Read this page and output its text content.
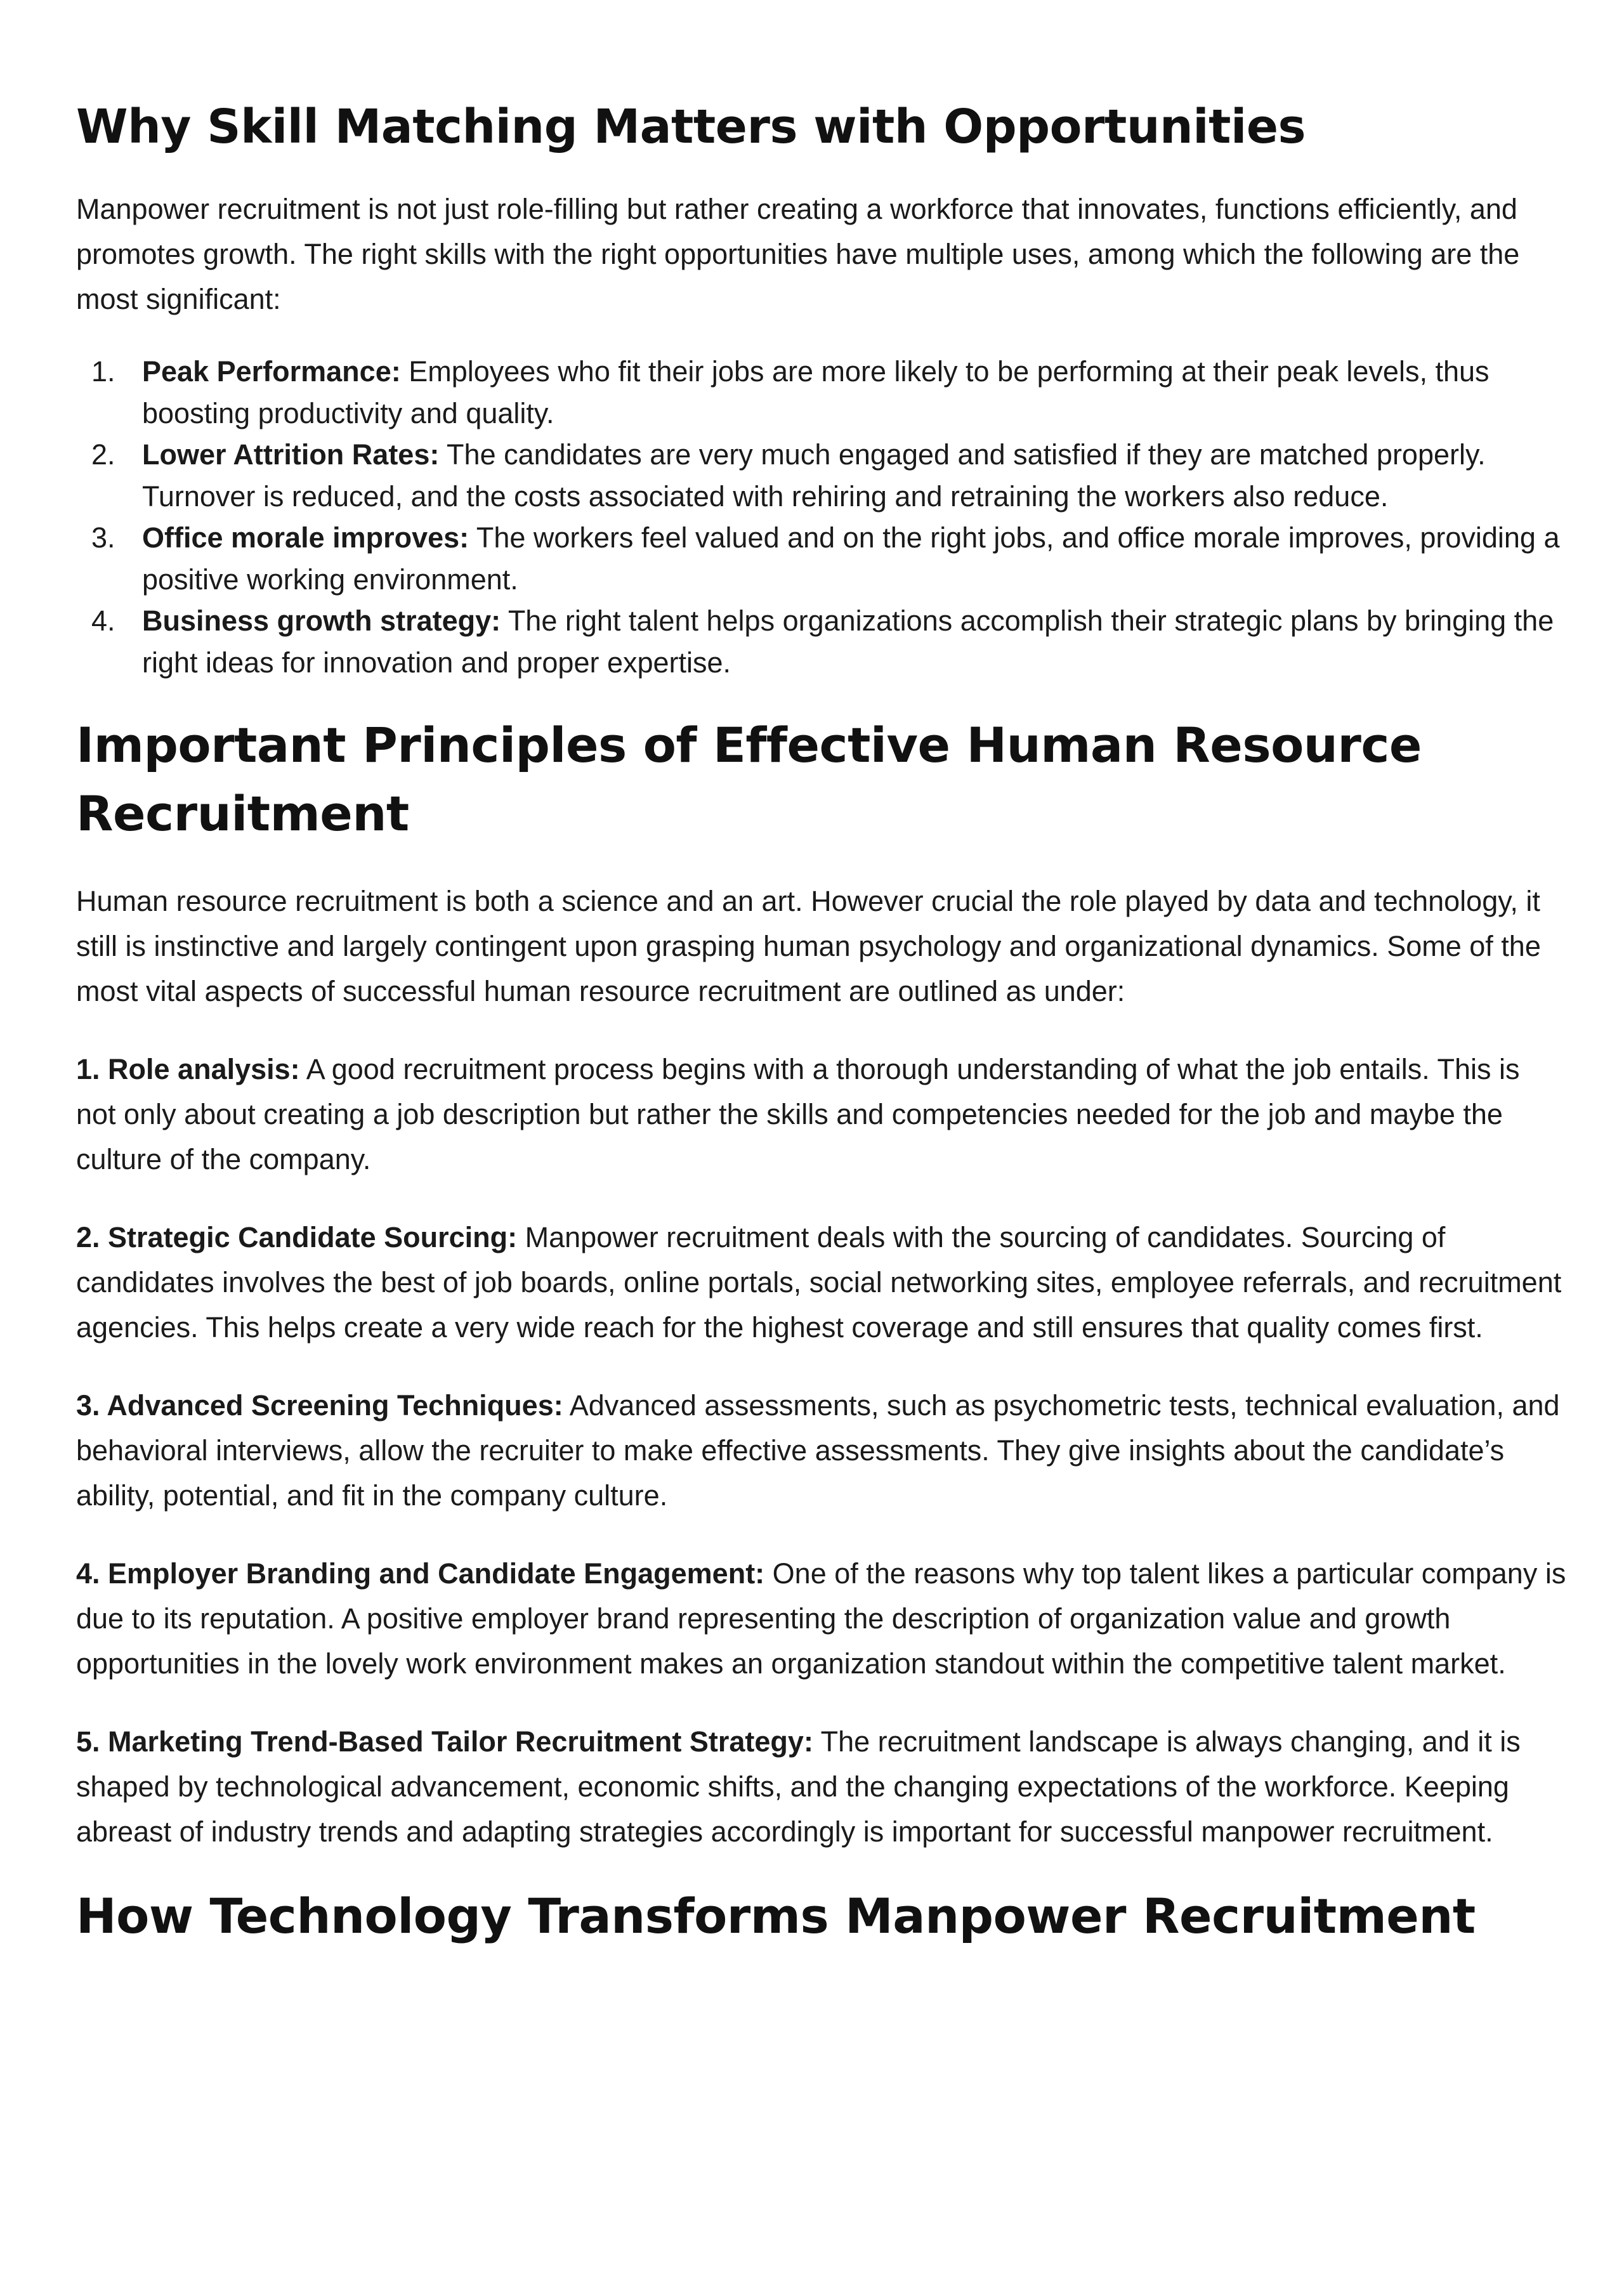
Why Skill Matching Matters with Opportunities

Manpower recruitment is not just role-filling but rather creating a workforce that innovates, functions efficiently, and promotes growth. The right skills with the right opportunities have multiple uses, among which the following are the most significant:

1. Peak Performance: Employees who fit their jobs are more likely to be performing at their peak levels, thus boosting productivity and quality.
2. Lower Attrition Rates: The candidates are very much engaged and satisfied if they are matched properly.
Turnover is reduced, and the costs associated with rehiring and retraining the workers also reduce.
3. Office morale improves: The workers feel valued and on the right jobs, and office morale improves, providing a positive working environment.
4. Business growth strategy: The right talent helps organizations accomplish their strategic plans by bringing the right ideas for innovation and proper expertise.
Important Principles of Effective Human Resource Recruitment

Human resource recruitment is both a science and an art. However crucial the role played by data and technology, it still is instinctive and largely contingent upon grasping human psychology and organizational dynamics. Some of the most vital aspects of successful human resource recruitment are outlined as under:

1. Role analysis: A good recruitment process begins with a thorough understanding of what the job entails. This is not only about creating a job description but rather the skills and competencies needed for the job and maybe the culture of the company.

2. Strategic Candidate Sourcing: Manpower recruitment deals with the sourcing of candidates. Sourcing of candidates involves the best of job boards, online portals, social networking sites, employee referrals, and recruitment agencies. This helps create a very wide reach for the highest coverage and still ensures that quality comes first.

3. Advanced Screening Techniques: Advanced assessments, such as psychometric tests, technical evaluation, and behavioral interviews, allow the recruiter to make effective assessments. They give insights about the candidate’s ability, potential, and fit in the company culture.

4. Employer Branding and Candidate Engagement: One of the reasons why top talent likes a particular company is due to its reputation. A positive employer brand representing the description of organization value and growth opportunities in the lovely work environment makes an organization standout within the competitive talent market.

5. Marketing Trend-Based Tailor Recruitment Strategy: The recruitment landscape is always changing, and it is shaped by technological advancement, economic shifts, and the changing expectations of the workforce. Keeping abreast of industry trends and adapting strategies accordingly is important for successful manpower recruitment.

How Technology Transforms Manpower Recruitment
